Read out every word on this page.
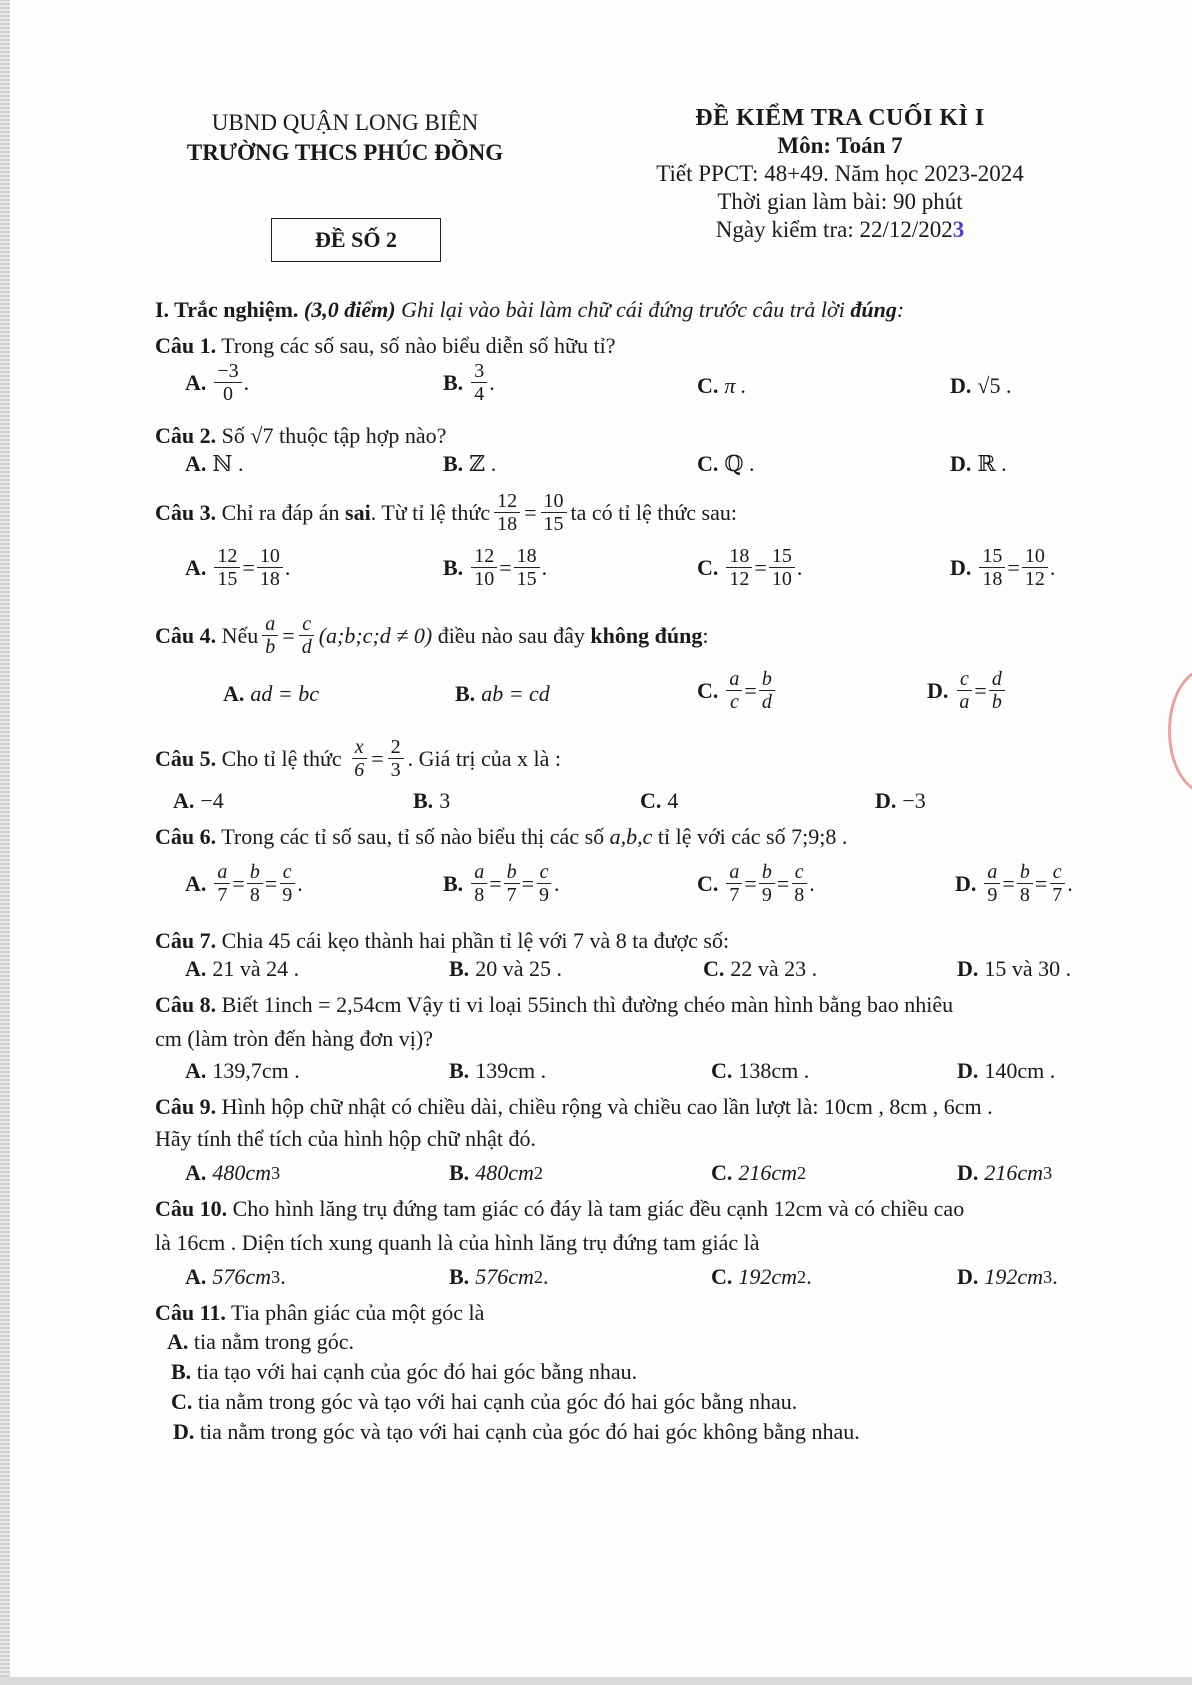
UBND QUẬN LONG BIÊN
TRƯỜNG THCS PHÚC ĐỒNG
ĐỀ KIỂM TRA CUỐI KÌ I
Môn: Toán 7
Tiết PPCT: 48+49. Năm học 2023-2024
Thời gian làm bài: 90 phút
Ngày kiểm tra: 22/12/2023
ĐỀ SỐ 2
I. Trắc nghiệm. (3,0 điểm) Ghi lại vào bài làm chữ cái đứng trước câu trả lời đúng:
Câu 1. Trong các số sau, số nào biểu diễn số hữu tỉ?
A. $\frac{-3}{0}$ .	B. $\frac{3}{4}$ .	C. π .	D. √5 .
Câu 2. Số √7 thuộc tập hợp nào?
A. ℕ .	B. ℤ .	C. ℚ .	D. ℝ .
Câu 3.
Chỉ ra đáp án
sai . Từ tỉ lệ thức $\frac{12}{18} = \frac{10}{15}$ ta có tỉ lệ thức sau:
A. $\frac{12}{15} = \frac{10}{18}$ .	B. $\frac{12}{10} = \frac{18}{15}$ .	C. $\frac{18}{12} = \frac{15}{10}$ .	D. $\frac{15}{18} = \frac{10}{12}$ .
Câu 4.
Nếu $\frac{a}{b} = \frac{c}{d}$ (a;b;c;d ≠ 0)
điều nào sau đây
không đúng :
A. ad = bc	B. ab = cd	C. $\frac{a}{c} = \frac{b}{d}$	D. $\frac{c}{a} = \frac{d}{b}$
Câu 5.
Cho tỉ lệ thức
$\frac{x}{6} = \frac{2}{3}$ . Giá trị của x là :
A. −4	B. 3	C. 4	D. −3
Câu 6. Trong các tỉ số sau, tỉ số nào biểu thị các số a,b,c tỉ lệ với các số 7;9;8 .
A. $\frac{a}{7} = \frac{b}{8} = \frac{c}{9}$ .	B. $\frac{a}{8} = \frac{b}{7} = \frac{c}{9}$ .	C. $\frac{a}{7} = \frac{b}{9} = \frac{c}{8}$ .	D. $\frac{a}{9} = \frac{b}{8} = \frac{c}{7}$ .
Câu 7. Chia 45 cái kẹo thành hai phần tỉ lệ với 7 và 8 ta được số:
A. 21 và 24 .	B. 20 và 25 .	C. 22 và 23 .	D. 15 và 30 .
Câu 8. Biết 1inch = 2,54cm Vậy ti vi loại 55inch thì đường chéo màn hình bằng bao nhiêu
cm (làm tròn đến hàng đơn vị)?
A. 139,7cm .	B. 139cm .	C. 138cm .	D. 140cm .
Câu 9. Hình hộp chữ nhật có chiều dài, chiều rộng và chiều cao lần lượt là: 10cm , 8cm , 6cm .
Hãy tính thể tích của hình hộp chữ nhật đó.
A. 480cm 3	B. 480cm 2	C. 216cm 2	D. 216cm 3
Câu 10. Cho hình lăng trụ đứng tam giác có đáy là tam giác đều cạnh 12cm và có chiều cao
là 16cm . Diện tích xung quanh là của hình lăng trụ đứng tam giác là
A. 576cm 3 .	B. 576cm 2 .	C. 192cm 2 .	D. 192cm 3 .
Câu 11. Tia phân giác của một góc là
A. tia nằm trong góc.
B. tia tạo với hai cạnh của góc đó hai góc bằng nhau.
C. tia nằm trong góc và tạo với hai cạnh của góc đó hai góc bằng nhau.
D. tia nằm trong góc và tạo với hai cạnh của góc đó hai góc không bằng nhau.
